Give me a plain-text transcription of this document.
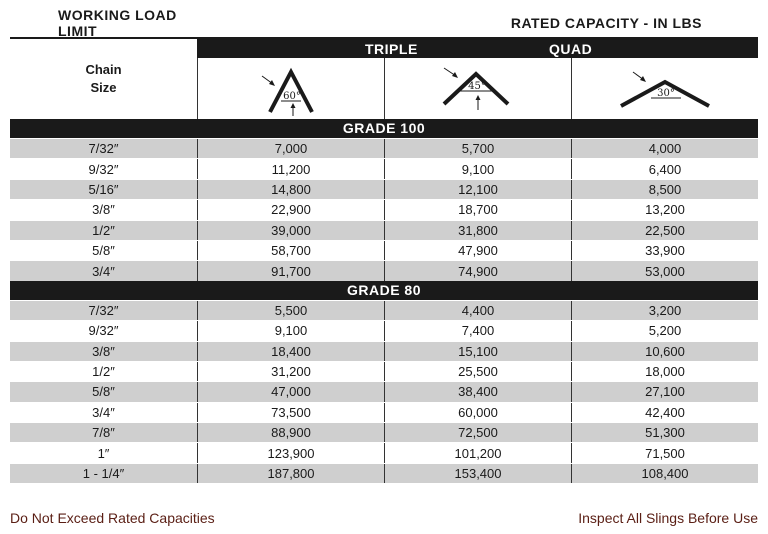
WORKING LOAD LIMIT	RATED CAPACITY - IN LBS
Chain
Size
TRIPLE	QUAD
60°
45°
30°
GRADE 100
7/32″	7,000	5,700	4,000
9/32″	11,200	9,100	6,400
5/16″	14,800	12,100	8,500
3/8″	22,900	18,700	13,200
1/2″	39,000	31,800	22,500
5/8″	58,700	47,900	33,900
3/4″	91,700	74,900	53,000
GRADE 80
7/32″	5,500	4,400	3,200
9/32″	9,100	7,400	5,200
3/8″	18,400	15,100	10,600
1/2″	31,200	25,500	18,000
5/8″	47,000	38,400	27,100
3/4″	73,500	60,000	42,400
7/8″	88,900	72,500	51,300
1″	123,900	101,200	71,500
1 - 1/4″	187,800	153,400	108,400
Do Not Exceed Rated Capacities	Inspect All Slings Before Use
